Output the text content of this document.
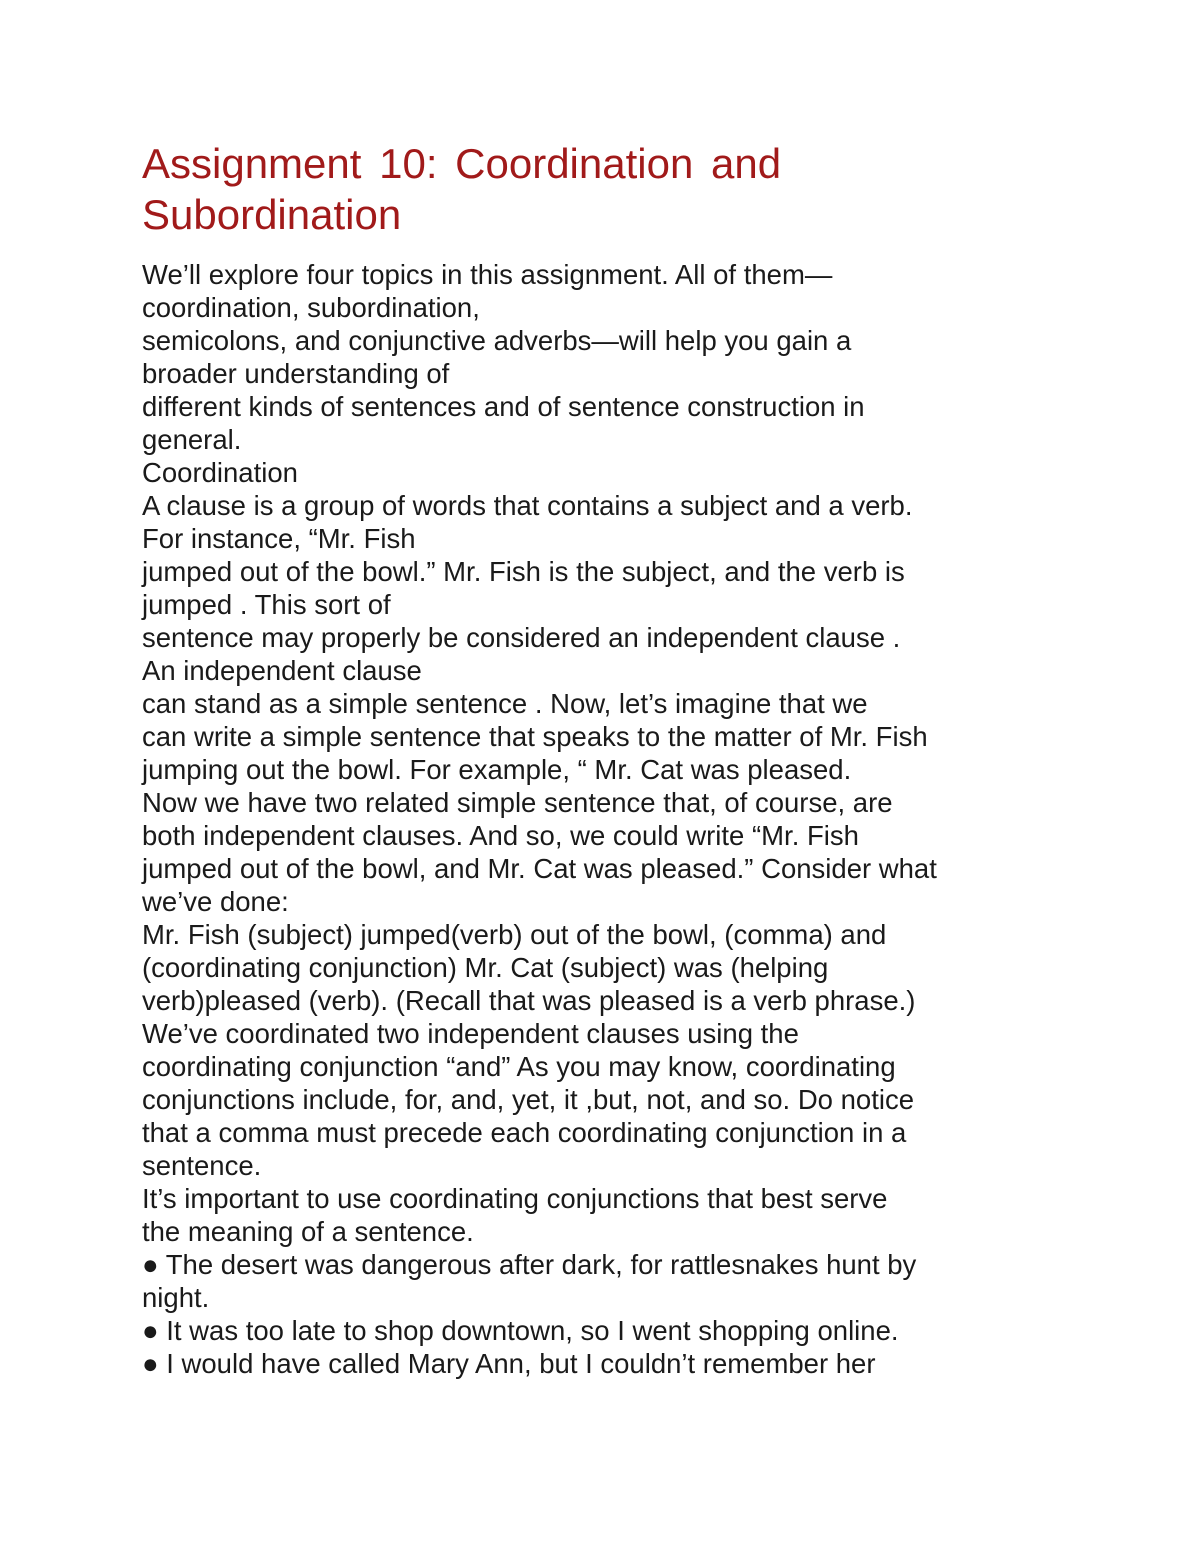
Assignment 10: Coordination and
Subordination
We’ll explore four topics in this assignment. All of them—
coordination, subordination,
semicolons, and conjunctive adverbs—will help you gain a
broader understanding of
different kinds of sentences and of sentence construction in
general.
Coordination
A clause is a group of words that contains a subject and a verb.
For instance, “Mr. Fish
jumped out of the bowl.” Mr. Fish is the subject, and the verb is
jumped . This sort of
sentence may properly be considered an independent clause .
An independent clause
can stand as a simple sentence . Now, let’s imagine that we
can write a simple sentence that speaks to the matter of Mr. Fish
jumping out the bowl. For example, “ Mr. Cat was pleased.
Now we have two related simple sentence that, of course, are
both independent clauses. And so, we could write “Mr. Fish
jumped out of the bowl, and Mr. Cat was pleased.” Consider what
we’ve done:
Mr. Fish (subject) jumped(verb) out of the bowl, (comma) and
(coordinating conjunction) Mr. Cat (subject) was (helping
verb)pleased (verb). (Recall that was pleased is a verb phrase.)
We’ve coordinated two independent clauses using the
coordinating conjunction “and” As you may know, coordinating
conjunctions include, for, and, yet, it ,but, not, and so. Do notice
that a comma must precede each coordinating conjunction in a
sentence.
It’s important to use coordinating conjunctions that best serve
the meaning of a sentence.
● The desert was dangerous after dark, for rattlesnakes hunt by
night.
● It was too late to shop downtown, so I went shopping online.
● I would have called Mary Ann, but I couldn’t remember her
